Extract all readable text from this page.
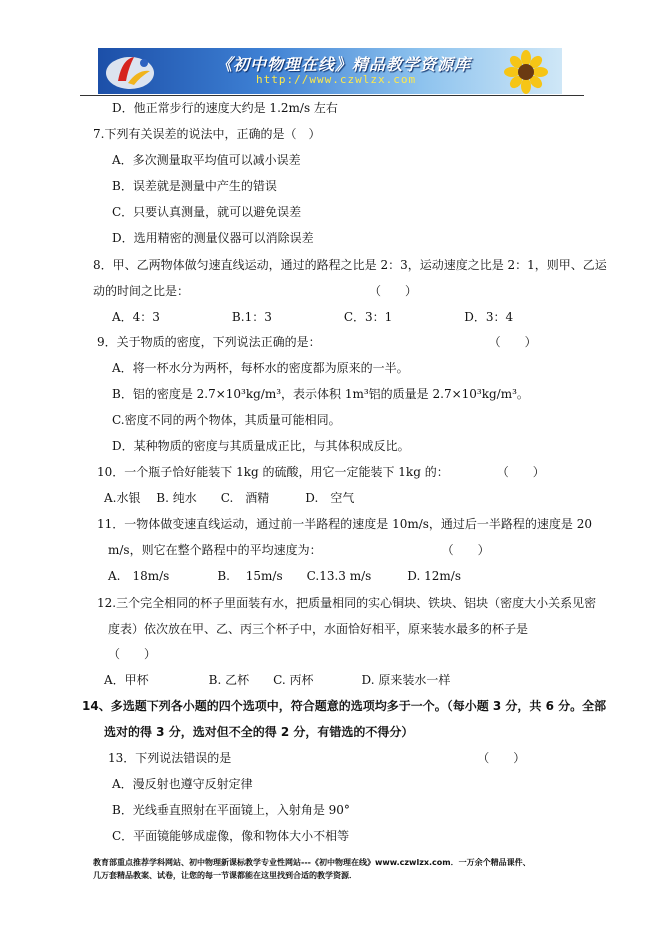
《初中物理在线》精品教学资源库
http://www.czwlzx.com
D．他正常步行的速度大约是 1.2m/s 左右
7.下列有关误差的说法中，正确的是（　）
A．多次测量取平均值可以减小误差
B．误差就是测量中产生的错误
C．只要认真测量，就可以避免误差
D．选用精密的测量仪器可以消除误差
8．甲、乙两物体做匀速直线运动，通过的路程之比是 2：3，运动速度之比是 2：1，则甲、乙运
动的时间之比是：　　　　　　　　　　　　　　　　（　　）
A．4：3　　　　　　B.1：3　　　　　　C．3：1　　　　　　D．3：4
9．关于物质的密度，下列说法正确的是：　　　　　　　　　　　　　　　（　　）
A．将一杯水分为两杯，每杯水的密度都为原来的一半。
B．铝的密度是 2.7×10³kg/m³，表示体积 1m³铝的质量是 2.7×10³kg/m³。
C.密度不同的两个物体，其质量可能相同。
D．某种物质的密度与其质量成正比，与其体积成反比。
10．一个瓶子恰好能装下 1kg 的硫酸，用它一定能装下 1kg 的：　　　　　（　　）
A.水银　 B. 纯水　　C.　酒精　　　D.　空气
11．一物体做变速直线运动，通过前一半路程的速度是 10m/s，通过后一半路程的速度是 20
m/s，则它在整个路程中的平均速度为：　　　　　　　　　　　（　　）
A.　18m/s　　　　B.　 15m/s　　C.13.3 m/s　　　D. 12m/s
12.三个完全相同的杯子里面装有水，把质量相同的实心铜块、铁块、铝块（密度大小关系见密
度表）依次放在甲、乙、丙三个杯子中，水面恰好相平，原来装水最多的杯子是
（　　）
A．甲杯　　　　　B. 乙杯　　C. 丙杯　　　　D. 原来装水一样
14、多选题下列各小题的四个选项中，符合题意的选项均多于一个。（每小题 3 分，共 6 分。全部
选对的得 3 分，选对但不全的得 2 分，有错选的不得分）
13．下列说法错误的是　　　　　　　　　　　　　　　　　　　　　（　　）
A．漫反射也遵守反射定律
B．光线垂直照射在平面镜上，入射角是 90°
C．平面镜能够成虚像，像和物体大小不相等
教育部重点推荐学科网站、初中物理新课标教学专业性网站---《初中物理在线》www.czwlzx.com．一万余个精品课件、
几万套精品教案、试卷，让您的每一节课都能在这里找到合适的教学资源．
